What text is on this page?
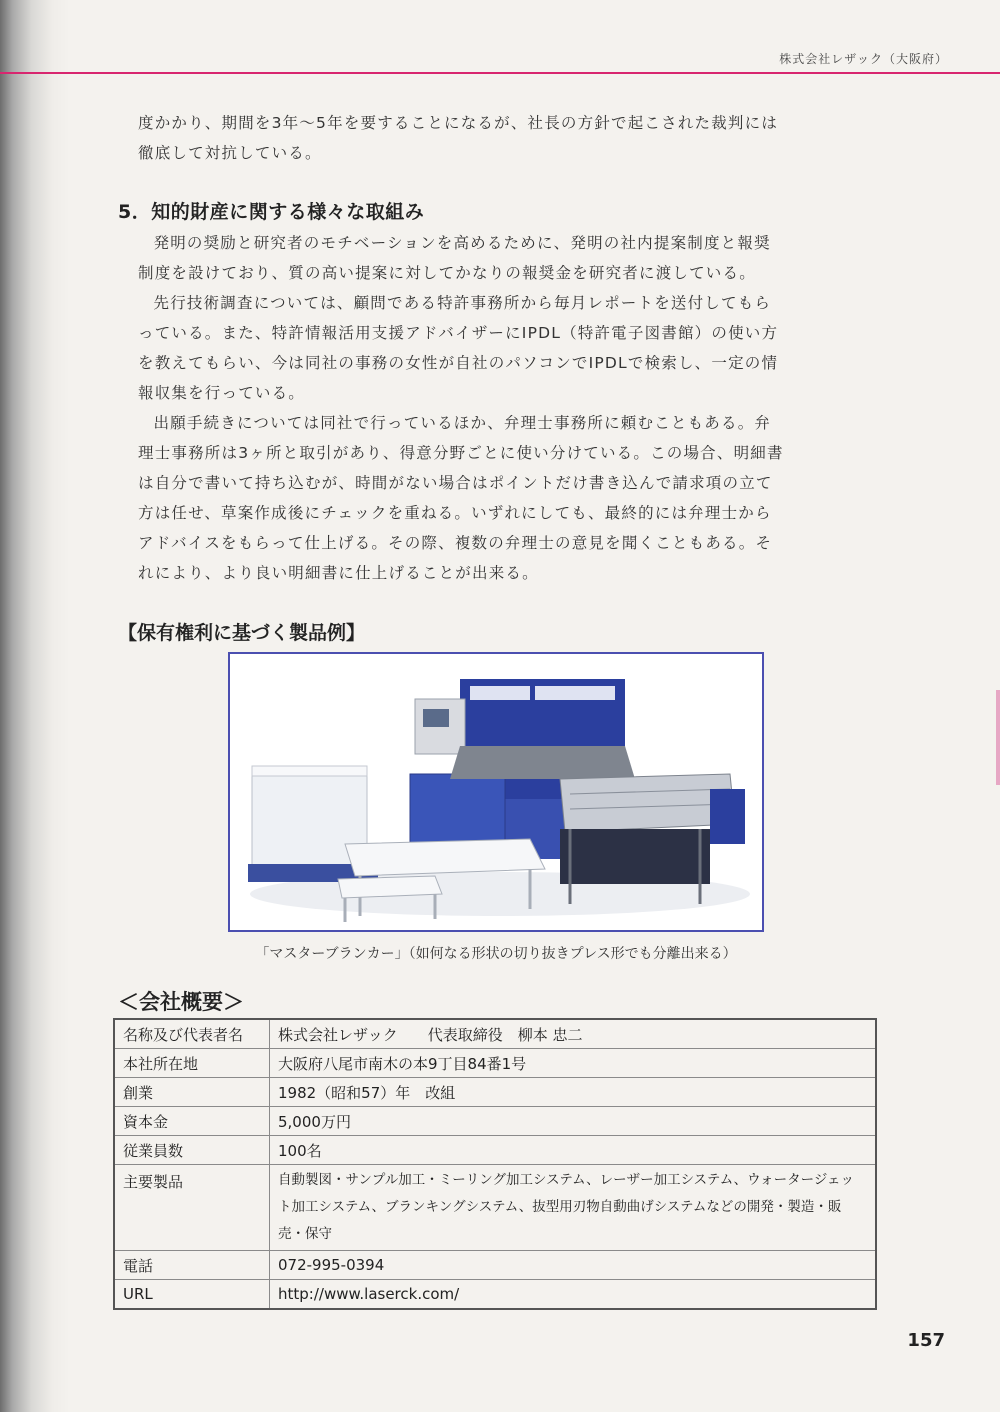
株式会社レザック（大阪府）

度かかり、期間を3年～5年を要することになるが、社長の方針で起こされた裁判には
徹底して対抗している。

5．知的財産に関する様々な取組み

発明の奨励と研究者のモチベーションを高めるために、発明の社内提案制度と報奨
制度を設けており、質の高い提案に対してかなりの報奨金を研究者に渡している。

先行技術調査については、顧問である特許事務所から毎月レポートを送付してもら
っている。また、特許情報活用支援アドバイザーにIPDL（特許電子図書館）の使い方
を教えてもらい、今は同社の事務の女性が自社のパソコンでIPDLで検索し、一定の情
報収集を行っている。

出願手続きについては同社で行っているほか、弁理士事務所に頼むこともある。弁
理士事務所は3ヶ所と取引があり、得意分野ごとに使い分けている。この場合、明細書
は自分で書いて持ち込むが、時間がない場合はポイントだけ書き込んで請求項の立て
方は任せ、草案作成後にチェックを重ねる。いずれにしても、最終的には弁理士から
アドバイスをもらって仕上げる。その際、複数の弁理士の意見を聞くこともある。そ
れにより、より良い明細書に仕上げることが出来る。

【保有権利に基づく製品例】
「マスターブランカー」（如何なる形状の切り抜きプレス形でも分離出来る）
＜会社概要＞
名称及び代表者名	株式会社レザック　　代表取締役　柳本 忠二
本社所在地	大阪府八尾市南木の本9丁目84番1号
創業	1982（昭和57）年　改組
資本金	5,000万円
従業員数	100名
主要製品	自動製図・サンプル加工・ミーリング加工システム、レーザー加工システム、ウォータージェット加工システム、ブランキングシステム、抜型用刃物自動曲げシステムなどの開発・製造・販売・保守
電話	072-995-0394
URL	http://www.laserck.com/
157
